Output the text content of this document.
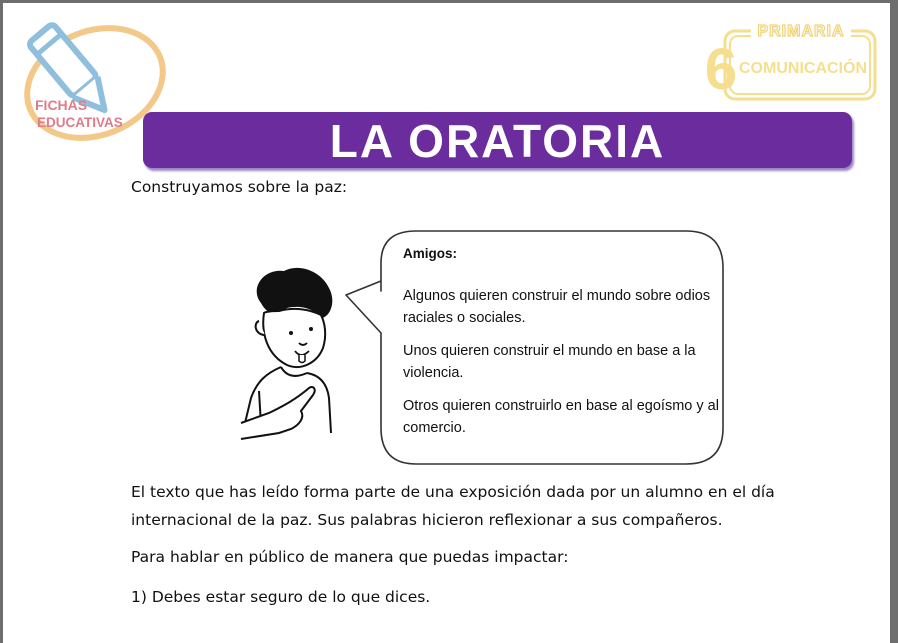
FICHAS
EDUCATIVAS
PRIMARIA
6 COMUNICACIÓN
LA ORATORIA
Construyamos sobre la paz:
Amigos:

Algunos quieren construir el mundo sobre odios raciales o sociales.

Unos quieren construir el mundo en base a la violencia.

Otros quieren construirlo en base al egoísmo y al comercio.

El texto que has leído forma parte de una exposición dada por un alumno en el día
internacional de la paz. Sus palabras hicieron reflexionar a sus compañeros.
Para hablar en público de manera que puedas impactar:
1) Debes estar seguro de lo que dices.
